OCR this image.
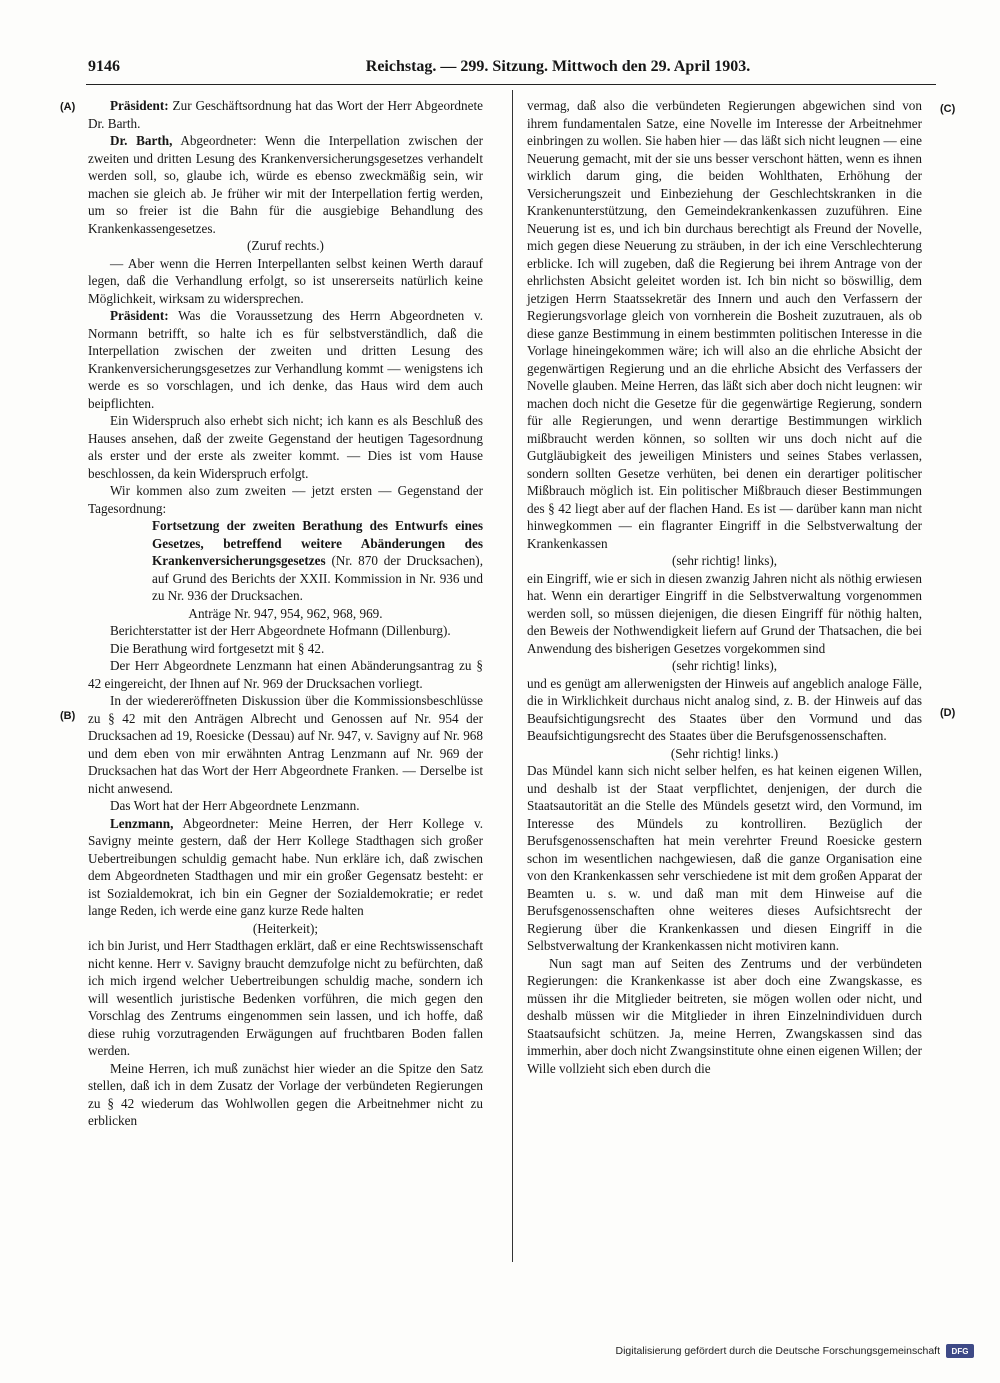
9146	Reichstag. — 299. Sitzung. Mittwoch den 29. April 1903.
(A)
(B)
(C)
(D)

Präsident: Zur Geschäftsordnung hat das Wort der Herr Abgeordnete Dr. Barth.

Dr. Barth, Abgeordneter: Wenn die Interpellation zwischen der zweiten und dritten Lesung des Krankenversicherungsgesetzes verhandelt werden soll, so, glaube ich, würde es ebenso zweckmäßig sein, wir machen sie gleich ab. Je früher wir mit der Interpellation fertig werden, um so freier ist die Bahn für die ausgiebige Behandlung des Krankenkassengesetzes.

(Zuruf rechts.)

— Aber wenn die Herren Interpellanten selbst keinen Werth darauf legen, daß die Verhandlung erfolgt, so ist unsererseits natürlich keine Möglichkeit, wirksam zu widersprechen.

Präsident: Was die Voraussetzung des Herrn Abgeordneten v. Normann betrifft, so halte ich es für selbstverständlich, daß die Interpellation zwischen der zweiten und dritten Lesung des Krankenversicherungsgesetzes zur Verhandlung kommt — wenigstens ich werde es so vorschlagen, und ich denke, das Haus wird dem auch beipflichten.

Ein Widerspruch also erhebt sich nicht; ich kann es als Beschluß des Hauses ansehen, daß der zweite Gegenstand der heutigen Tagesordnung als erster und der erste als zweiter kommt. — Dies ist vom Hause beschlossen, da kein Widerspruch erfolgt.

Wir kommen also zum zweiten — jetzt ersten — Gegenstand der Tagesordnung:

Fortsetzung der zweiten Berathung des Entwurfs eines Gesetzes, betreffend weitere Abänderungen des Krankenversicherungsgesetzes (Nr. 870 der Drucksachen), auf Grund des Berichts der XXII. Kommission in Nr. 936 und zu Nr. 936 der Drucksachen.

Anträge Nr. 947, 954, 962, 968, 969.

Berichterstatter ist der Herr Abgeordnete Hofmann (Dillenburg).

Die Berathung wird fortgesetzt mit § 42.

Der Herr Abgeordnete Lenzmann hat einen Abänderungsantrag zu § 42 eingereicht, der Ihnen auf Nr. 969 der Drucksachen vorliegt.

In der wiedereröffneten Diskussion über die Kommissionsbeschlüsse zu § 42 mit den Anträgen Albrecht und Genossen auf Nr. 954 der Drucksachen ad 19, Roesicke (Dessau) auf Nr. 947, v. Savigny auf Nr. 968 und dem eben von mir erwähnten Antrag Lenzmann auf Nr. 969 der Drucksachen hat das Wort der Herr Abgeordnete Franken. — Derselbe ist nicht anwesend.

Das Wort hat der Herr Abgeordnete Lenzmann.

Lenzmann, Abgeordneter: Meine Herren, der Herr Kollege v. Savigny meinte gestern, daß der Herr Kollege Stadthagen sich großer Uebertreibungen schuldig gemacht habe. Nun erkläre ich, daß zwischen dem Abgeordneten Stadthagen und mir ein großer Gegensatz besteht: er ist Sozialdemokrat, ich bin ein Gegner der Sozialdemokratie; er redet lange Reden, ich werde eine ganz kurze Rede halten

(Heiterkeit);

ich bin Jurist, und Herr Stadthagen erklärt, daß er eine Rechtswissenschaft nicht kenne. Herr v. Savigny braucht demzufolge nicht zu befürchten, daß ich mich irgend welcher Uebertreibungen schuldig mache, sondern ich will wesentlich juristische Bedenken vorführen, die mich gegen den Vorschlag des Zentrums eingenommen sein lassen, und ich hoffe, daß diese ruhig vorzutragenden Erwägungen auf fruchtbaren Boden fallen werden.

Meine Herren, ich muß zunächst hier wieder an die Spitze den Satz stellen, daß ich in dem Zusatz der Vorlage der verbündeten Regierungen zu § 42 wiederum das Wohlwollen gegen die Arbeitnehmer nicht zu erblicken

vermag, daß also die verbündeten Regierungen abgewichen sind von ihrem fundamentalen Satze, eine Novelle im Interesse der Arbeitnehmer einbringen zu wollen. Sie haben hier — das läßt sich nicht leugnen — eine Neuerung gemacht, mit der sie uns besser verschont hätten, wenn es ihnen wirklich darum ging, die beiden Wohlthaten, Erhöhung der Versicherungszeit und Einbeziehung der Geschlechtskranken in die Krankenunterstützung, den Gemeindekrankenkassen zuzuführen. Eine Neuerung ist es, und ich bin durchaus berechtigt als Freund der Novelle, mich gegen diese Neuerung zu sträuben, in der ich eine Verschlechterung erblicke. Ich will zugeben, daß die Regierung bei ihrem Antrage von der ehrlichsten Absicht geleitet worden ist. Ich bin nicht so böswillig, dem jetzigen Herrn Staatssekretär des Innern und auch den Verfassern der Regierungsvorlage gleich von vornherein die Bosheit zuzutrauen, als ob diese ganze Bestimmung in einem bestimmten politischen Interesse in die Vorlage hineingekommen wäre; ich will also an die ehrliche Absicht der gegenwärtigen Regierung und an die ehrliche Absicht des Verfassers der Novelle glauben. Meine Herren, das läßt sich aber doch nicht leugnen: wir machen doch nicht die Gesetze für die gegenwärtige Regierung, sondern für alle Regierungen, und wenn derartige Bestimmungen wirklich mißbraucht werden können, so sollten wir uns doch nicht auf die Gutgläubigkeit des jeweiligen Ministers und seines Stabes verlassen, sondern sollten Gesetze verhüten, bei denen ein derartiger politischer Mißbrauch möglich ist. Ein politischer Mißbrauch dieser Bestimmungen des § 42 liegt aber auf der flachen Hand. Es ist — darüber kann man nicht hinwegkommen — ein flagranter Eingriff in die Selbstverwaltung der Krankenkassen

(sehr richtig! links),

ein Eingriff, wie er sich in diesen zwanzig Jahren nicht als nöthig erwiesen hat. Wenn ein derartiger Eingriff in die Selbstverwaltung vorgenommen werden soll, so müssen diejenigen, die diesen Eingriff für nöthig halten, den Beweis der Nothwendigkeit liefern auf Grund der Thatsachen, die bei Anwendung des bisherigen Gesetzes vorgekommen sind

(sehr richtig! links),

und es genügt am allerwenigsten der Hinweis auf angeblich analoge Fälle, die in Wirklichkeit durchaus nicht analog sind, z. B. der Hinweis auf das Beaufsichtigungsrecht des Staates über den Vormund und das Beaufsichtigungsrecht des Staates über die Berufsgenossenschaften.

(Sehr richtig! links.)

Das Mündel kann sich nicht selber helfen, es hat keinen eigenen Willen, und deshalb ist der Staat verpflichtet, denjenigen, der durch die Staatsautorität an die Stelle des Mündels gesetzt wird, den Vormund, im Interesse des Mündels zu kontrolliren. Bezüglich der Berufsgenossenschaften hat mein verehrter Freund Roesicke gestern schon im wesentlichen nachgewiesen, daß die ganze Organisation eine von den Krankenkassen sehr verschiedene ist mit dem großen Apparat der Beamten u. s. w. und daß man mit dem Hinweise auf die Berufsgenossenschaften ohne weiteres dieses Aufsichtsrecht der Regierung über die Krankenkassen und diesen Eingriff in die Selbstverwaltung der Krankenkassen nicht motiviren kann.

Nun sagt man auf Seiten des Zentrums und der verbündeten Regierungen: die Krankenkasse ist aber doch eine Zwangskasse, es müssen ihr die Mitglieder beitreten, sie mögen wollen oder nicht, und deshalb müssen wir die Mitglieder in ihren Einzelnindividuen durch Staatsaufsicht schützen. Ja, meine Herren, Zwangskassen sind das immerhin, aber doch nicht Zwangsinstitute ohne einen eigenen Willen; der Wille vollzieht sich eben durch die

Digitalisierung gefördert durch die Deutsche Forschungsgemeinschaft	DFG
